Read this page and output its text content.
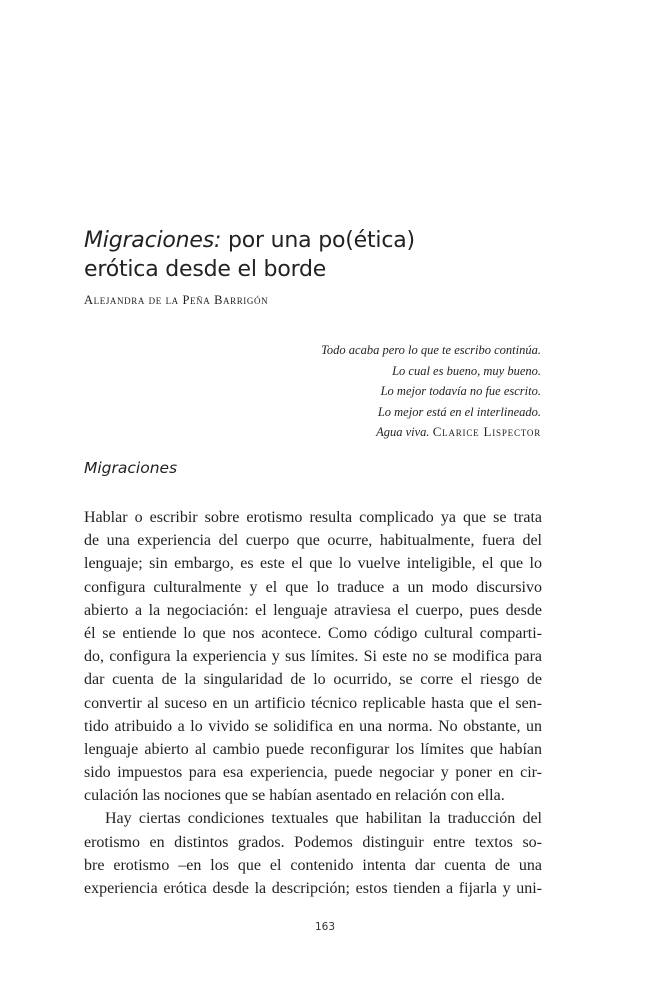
Migraciones: por una po(ética)
erótica desde el borde
Alejandra de la Peña Barrigón
Todo acaba pero lo que te escribo continúa.
Lo cual es bueno, muy bueno.
Lo mejor todavía no fue escrito.
Lo mejor está en el interlineado.
Agua viva. Clarice Lispector
Migraciones
Hablar o escribir sobre erotismo resulta complicado ya que se trata
de una experiencia del cuerpo que ocurre, habitualmente, fuera del
lenguaje; sin embargo, es este el que lo vuelve inteligible, el que lo
configura culturalmente y el que lo traduce a un modo discursivo
abierto a la negociación: el lenguaje atraviesa el cuerpo, pues desde
él se entiende lo que nos acontece. Como código cultural comparti-
do, configura la experiencia y sus límites. Si este no se modifica para
dar cuenta de la singularidad de lo ocurrido, se corre el riesgo de
convertir al suceso en un artificio técnico replicable hasta que el sen-
tido atribuido a lo vivido se solidifica en una norma. No obstante, un
lenguaje abierto al cambio puede reconfigurar los límites que habían
sido impuestos para esa experiencia, puede negociar y poner en cir-
culación las nociones que se habían asentado en relación con ella.
Hay ciertas condiciones textuales que habilitan la traducción del
erotismo en distintos grados. Podemos distinguir entre textos so-
bre erotismo –en los que el contenido intenta dar cuenta de una
experiencia erótica desde la descripción; estos tienden a fijarla y uni-
163
